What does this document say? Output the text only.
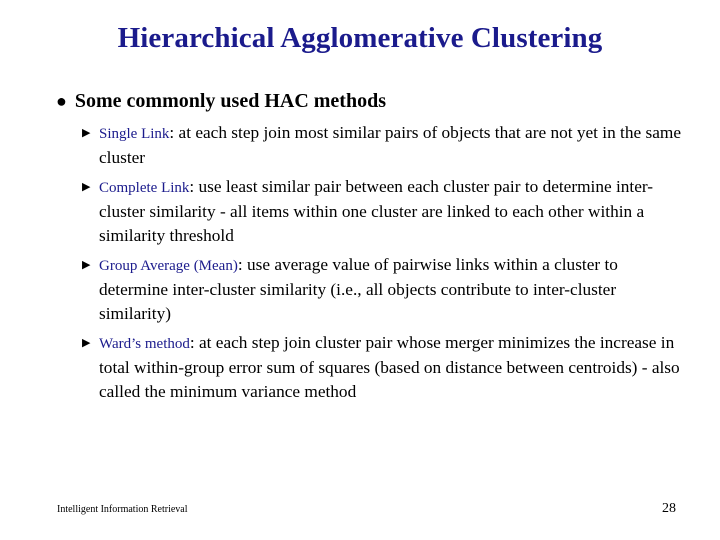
Hierarchical Agglomerative Clustering
● Some commonly used HAC methods
▶ Single Link: at each step join most similar pairs of objects that are not yet in the same cluster
▶ Complete Link: use least similar pair between each cluster pair to determine inter-cluster similarity - all items within one cluster are linked to each other within a similarity threshold
▶ Group Average (Mean): use average value of pairwise links within a cluster to determine inter-cluster similarity (i.e., all objects contribute to inter-cluster similarity)
▶ Ward’s method: at each step join cluster pair whose merger minimizes the increase in total within-group error sum of squares (based on distance between centroids) - also called the minimum variance method
Intelligent Information Retrieval	28
